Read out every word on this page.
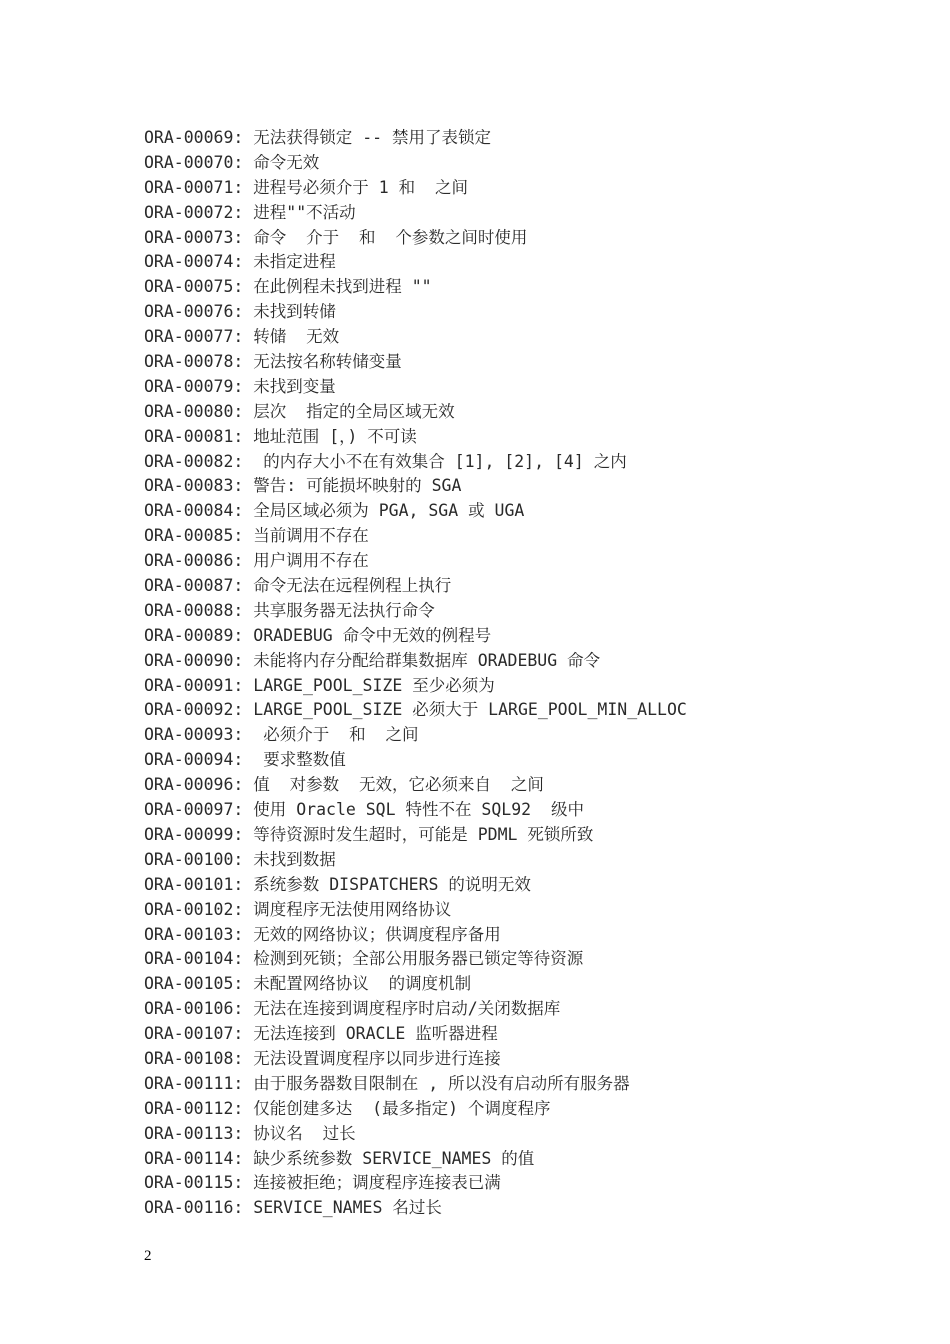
ORA-00069: 无法获得锁定 -- 禁用了表锁定
ORA-00070: 命令无效
ORA-00071: 进程号必须介于 1 和  之间
ORA-00072: 进程""不活动
ORA-00073: 命令  介于  和  个参数之间时使用
ORA-00074: 未指定进程
ORA-00075: 在此例程未找到进程 ""
ORA-00076: 未找到转储
ORA-00077: 转储  无效
ORA-00078: 无法按名称转储变量
ORA-00079: 未找到变量
ORA-00080: 层次  指定的全局区域无效
ORA-00081: 地址范围 [，) 不可读
ORA-00082:  的内存大小不在有效集合 [1], [2], [4] 之内
ORA-00083: 警告: 可能损坏映射的 SGA
ORA-00084: 全局区域必须为 PGA, SGA 或 UGA
ORA-00085: 当前调用不存在
ORA-00086: 用户调用不存在
ORA-00087: 命令无法在远程例程上执行
ORA-00088: 共享服务器无法执行命令
ORA-00089: ORADEBUG 命令中无效的例程号
ORA-00090: 未能将内存分配给群集数据库 ORADEBUG 命令
ORA-00091: LARGE_POOL_SIZE 至少必须为
ORA-00092: LARGE_POOL_SIZE 必须大于 LARGE_POOL_MIN_ALLOC
ORA-00093:  必须介于  和  之间
ORA-00094:  要求整数值
ORA-00096: 值  对参数  无效，它必须来自  之间
ORA-00097: 使用 Oracle SQL 特性不在 SQL92  级中
ORA-00099: 等待资源时发生超时，可能是 PDML 死锁所致
ORA-00100: 未找到数据
ORA-00101: 系统参数 DISPATCHERS 的说明无效
ORA-00102: 调度程序无法使用网络协议
ORA-00103: 无效的网络协议；供调度程序备用
ORA-00104: 检测到死锁；全部公用服务器已锁定等待资源
ORA-00105: 未配置网络协议  的调度机制
ORA-00106: 无法在连接到调度程序时启动/关闭数据库
ORA-00107: 无法连接到 ORACLE 监听器进程
ORA-00108: 无法设置调度程序以同步进行连接
ORA-00111: 由于服务器数目限制在 , 所以没有启动所有服务器
ORA-00112: 仅能创建多达  (最多指定) 个调度程序
ORA-00113: 协议名  过长
ORA-00114: 缺少系统参数 SERVICE_NAMES 的值
ORA-00115: 连接被拒绝；调度程序连接表已满
ORA-00116: SERVICE_NAMES 名过长
2
